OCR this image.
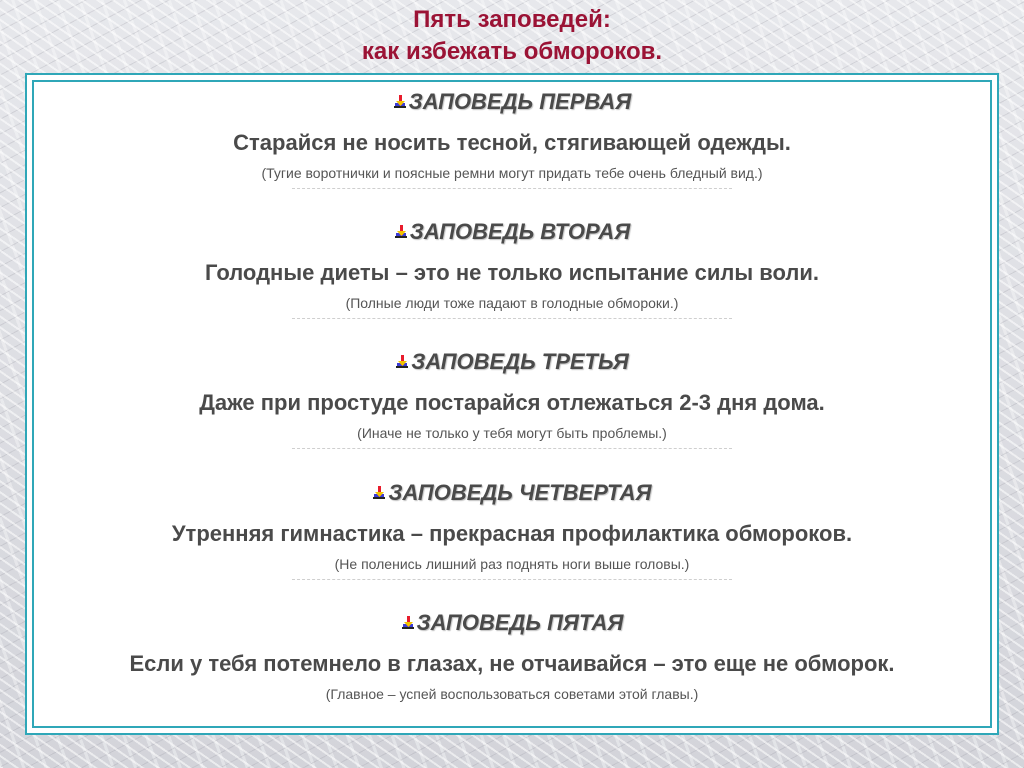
Пять заповедей:
как избежать обмороков.
ЗАПОВЕДЬ ПЕРВАЯ
Старайся не носить тесной, стягивающей одежды.
(Тугие воротнички и поясные ремни могут придать тебе очень бледный вид.)
ЗАПОВЕДЬ ВТОРАЯ
Голодные диеты – это не только испытание силы воли.
(Полные люди тоже падают в голодные обмороки.)
ЗАПОВЕДЬ ТРЕТЬЯ
Даже при простуде постарайся отлежаться 2-3 дня дома.
(Иначе не только у тебя могут быть проблемы.)
ЗАПОВЕДЬ ЧЕТВЕРТАЯ
Утренняя гимнастика – прекрасная профилактика обмороков.
(Не поленись лишний раз поднять ноги выше головы.)
ЗАПОВЕДЬ ПЯТАЯ
Если у тебя потемнело в глазах, не отчаивайся – это еще не обморок.
(Главное – успей воспользоваться советами этой главы.)
